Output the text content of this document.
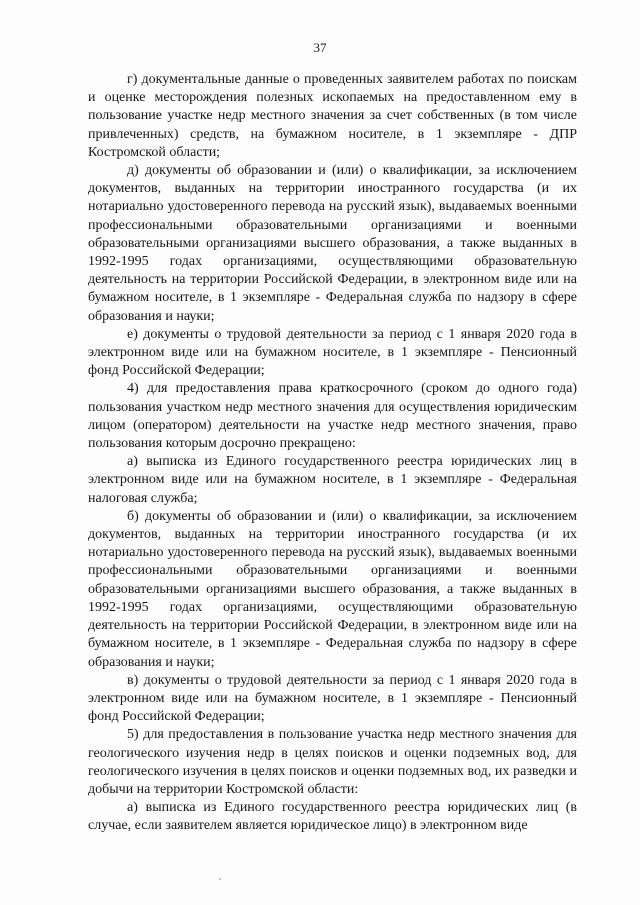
37

г) документальные данные о проведенных заявителем работах по поискам и оценке месторождения полезных ископаемых на предоставленном ему в пользование участке недр местного значения за счет собственных (в том числе привлеченных) средств, на бумажном носителе, в 1 экземпляре - ДПР Костромской области;

д) документы об образовании и (или) о квалификации, за исключением документов, выданных на территории иностранного государства (и их нотариально удостоверенного перевода на русский язык), выдаваемых военными профессиональными образовательными организациями и военными образовательными организациями высшего образования, а также выданных в 1992-1995 годах организациями, осуществляющими образовательную деятельность на территории Российской Федерации, в электронном виде или на бумажном носителе, в 1 экземпляре - Федеральная служба по надзору в сфере образования и науки;

е) документы о трудовой деятельности за период с 1 января 2020 года в электронном виде или на бумажном носителе, в 1 экземпляре - Пенсионный фонд Российской Федерации;

4) для предоставления права краткосрочного (сроком до одного года) пользования участком недр местного значения для осуществления юридическим лицом (оператором) деятельности на участке недр местного значения, право пользования которым досрочно прекращено:

а) выписка из Единого государственного реестра юридических лиц в электронном виде или на бумажном носителе, в 1 экземпляре - Федеральная налоговая служба;

б) документы об образовании и (или) о квалификации, за исключением документов, выданных на территории иностранного государства (и их нотариально удостоверенного перевода на русский язык), выдаваемых военными профессиональными образовательными организациями и военными образовательными организациями высшего образования, а также выданных в 1992-1995 годах организациями, осуществляющими образовательную деятельность на территории Российской Федерации, в электронном виде или на бумажном носителе, в 1 экземпляре - Федеральная служба по надзору в сфере образования и науки;

в) документы о трудовой деятельности за период с 1 января 2020 года в электронном виде или на бумажном носителе, в 1 экземпляре - Пенсионный фонд Российской Федерации;

5) для предоставления в пользование участка недр местного значения для геологического изучения недр в целях поисков и оценки подземных вод, для геологического изучения в целях поисков и оценки подземных вод, их разведки и добычи на территории Костромской области:

а) выписка из Единого государственного реестра юридических лиц (в случае, если заявителем является юридическое лицо) в электронном виде
